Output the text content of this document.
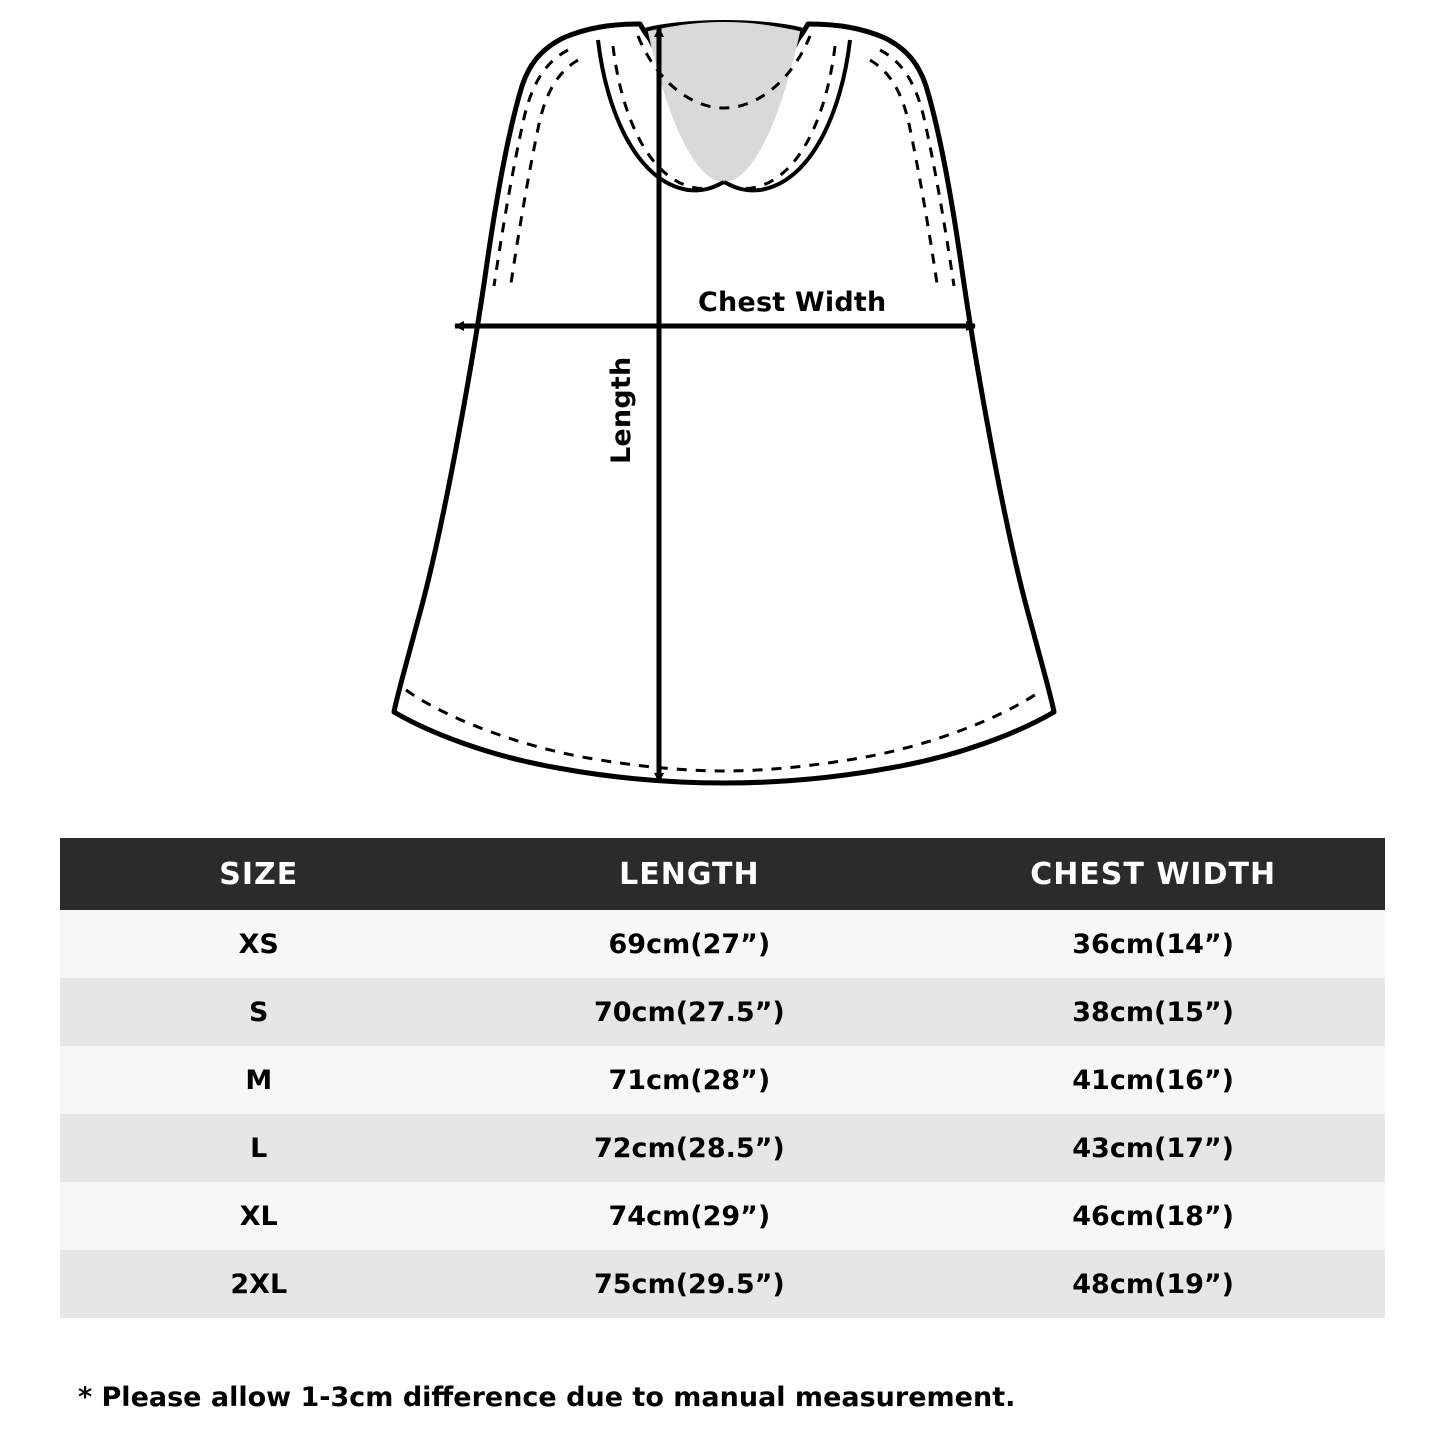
Chest Width
Length
SIZE	LENGTH	CHEST WIDTH
XS	69cm(27”)	36cm(14”)
S	70cm(27.5”)	38cm(15”)
M	71cm(28”)	41cm(16”)
L	72cm(28.5”)	43cm(17”)
XL	74cm(29”)	46cm(18”)
2XL	75cm(29.5”)	48cm(19”)
* Please allow 1-3cm difference due to manual measurement.
